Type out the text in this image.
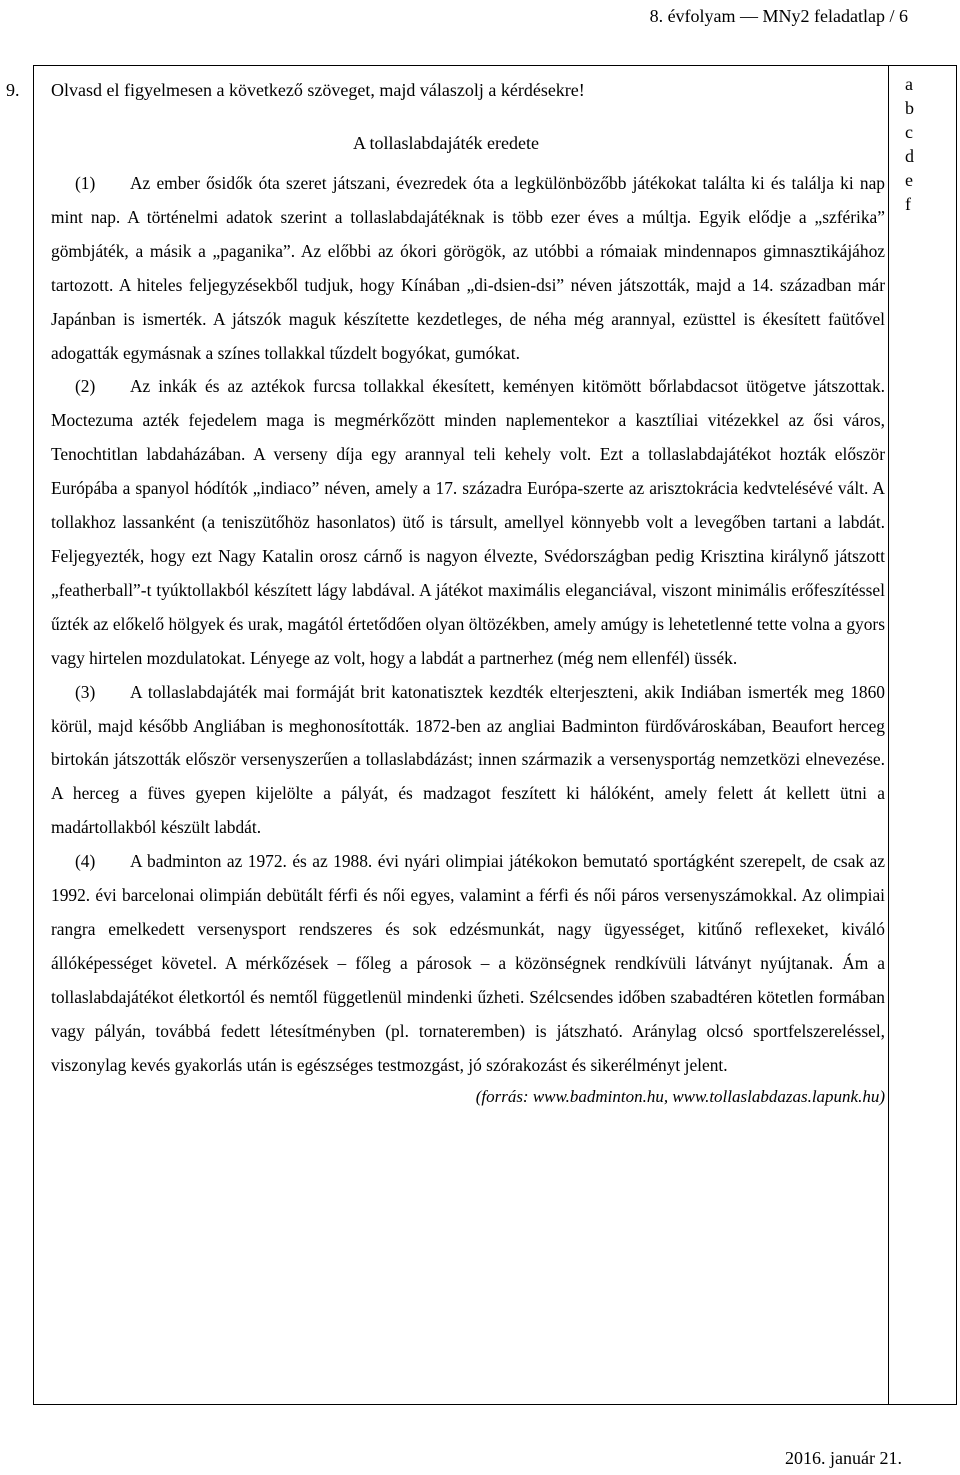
8. évfolyam — MNy2 feladatlap / 6
9.	a
b
c
d
e
f

Olvasd el figyelmesen a következő szöveget, majd válaszolj a kérdésekre!

A tollaslabdajáték eredete

(1) Az ember ősidők óta szeret játszani, évezredek óta a legkülönbözőbb játékokat találta ki és találja ki nap mint nap. A történelmi adatok szerint a tollaslabdajátéknak is több ezer éves a múltja. Egyik elődje a „szférika” gömbjáték, a másik a „paganika”. Az előbbi az ókori görögök, az utóbbi a rómaiak mindennapos gimnasztikájához tartozott. A hiteles feljegyzésekből tudjuk, hogy Kínában „di-dsien-dsi” néven játszották, majd a 14. században már Japánban is ismerték. A játszók maguk készítette kezdetleges, de néha még arannyal, ezüsttel is ékesített faütővel adogatták egymásnak a színes tollakkal tűzdelt bogyókat, gumókat.

(2) Az inkák és az aztékok furcsa tollakkal ékesített, keményen kitömött bőrlabdacsot ütögetve játszottak. Moctezuma azték fejedelem maga is megmérkőzött minden naplementekor a kasztíliai vitézekkel az ősi város, Tenochtitlan labdaházában. A verseny díja egy arannyal teli kehely volt. Ezt a tollaslabdajátékot hozták először Európába a spanyol hódítók „indiaco” néven, amely a 17. századra Európa-szerte az arisztokrácia kedvtelésévé vált. A tollakhoz lassanként (a teniszütőhöz hasonlatos) ütő is társult, amellyel könnyebb volt a levegőben tartani a labdát. Feljegyezték, hogy ezt Nagy Katalin orosz cárnő is nagyon élvezte, Svédországban pedig Krisztina királynő játszott „featherball”-t tyúktollakból készített lágy labdával. A játékot maximális eleganciával, viszont minimális erőfeszítéssel űzték az előkelő hölgyek és urak, magától értetődően olyan öltözékben, amely amúgy is lehetetlenné tette volna a gyors vagy hirtelen mozdulatokat. Lényege az volt, hogy a labdát a partnerhez (még nem ellenfél) üssék.

(3) A tollaslabdajáték mai formáját brit katonatisztek kezdték elterjeszteni, akik Indiában ismerték meg 1860 körül, majd később Angliában is meghonosították. 1872-ben az angliai Badminton fürdővároskában, Beaufort herceg birtokán játszották először versenyszerűen a tollaslabdázást; innen származik a versenysportág nemzetközi elnevezése. A herceg a füves gyepen kijelölte a pályát, és madzagot feszített ki hálóként, amely felett át kellett ütni a madártollakból készült labdát.

(4) A badminton az 1972. és az 1988. évi nyári olimpiai játékokon bemutató sportágként szerepelt, de csak az 1992. évi barcelonai olimpián debütált férfi és női egyes, valamint a férfi és női páros versenyszámokkal. Az olimpiai rangra emelkedett versenysport rendszeres és sok edzésmunkát, nagy ügyességet, kitűnő reflexeket, kiváló állóképességet követel. A mérkőzések – főleg a párosok – a közönségnek rendkívüli látványt nyújtanak. Ám a tollaslabdajátékot életkortól és nemtől függetlenül mindenki űzheti. Szélcsendes időben szabadtéren kötetlen formában vagy pályán, továbbá fedett létesítményben (pl. tornateremben) is játszható. Aránylag olcsó sportfelszereléssel, viszonylag kevés gyakorlás után is egészséges testmozgást, jó szórakozást és sikerélményt jelent.

(forrás: www.badminton.hu, www.tollaslabdazas.lapunk.hu)

2016. január 21.
